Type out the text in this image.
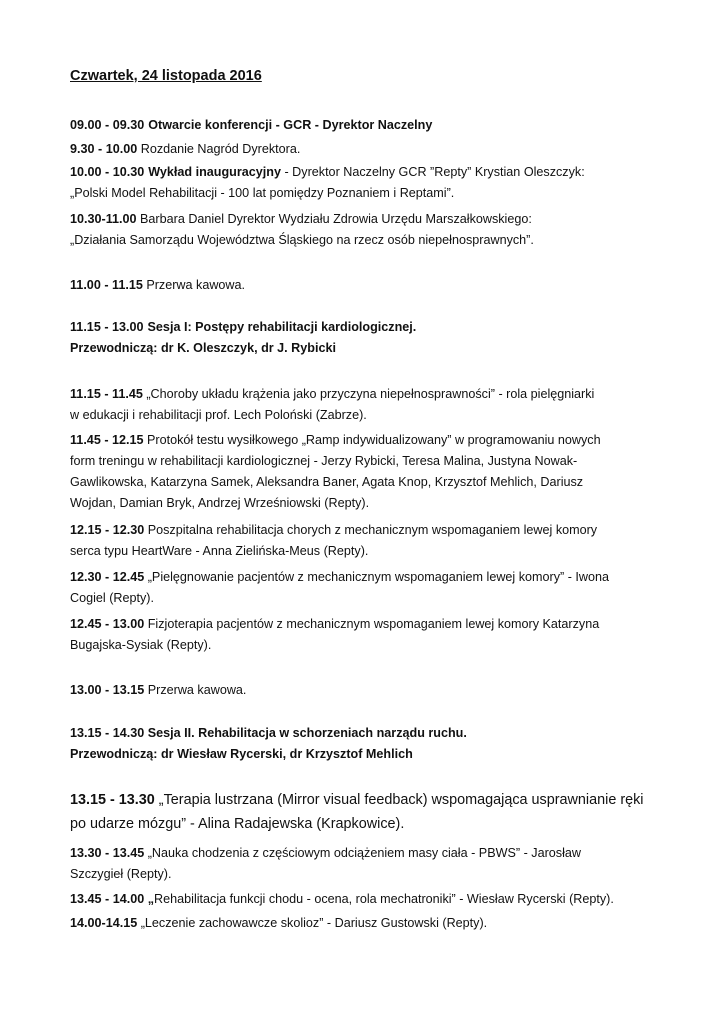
Czwartek, 24 listopada 2016
09.00 - 09.30 Otwarcie konferencji - GCR - Dyrektor Naczelny
9.30 - 10.00 Rozdanie Nagród Dyrektora.
10.00 - 10.30 Wykład inauguracyjny - Dyrektor Naczelny GCR ”Repty” Krystian Oleszczyk:
„Polski Model Rehabilitacji - 100 lat pomiędzy Poznaniem i Reptami”.
10.30-11.00 Barbara Daniel Dyrektor Wydziału Zdrowia Urzędu Marszałkowskiego:
„Działania Samorządu Województwa Śląskiego na rzecz osób niepełnosprawnych”.
11.00 - 11.15 Przerwa kawowa.
11.15 - 13.00 Sesja I: Postępy rehabilitacji kardiologicznej.
Przewodniczą: dr K. Oleszczyk, dr J. Rybicki
11.15 - 11.45 „Choroby układu krążenia jako przyczyna niepełnosprawności” - rola pielęgniarki
w edukacji i rehabilitacji prof. Lech Poloński (Zabrze).
11.45 - 12.15 Protokół testu wysiłkowego „Ramp indywidualizowany” w programowaniu nowych
form treningu w rehabilitacji kardiologicznej - Jerzy Rybicki, Teresa Malina, Justyna Nowak-
Gawlikowska, Katarzyna Samek, Aleksandra Baner, Agata Knop, Krzysztof Mehlich, Dariusz
Wojdan, Damian Bryk, Andrzej Wrześniowski (Repty).
12.15 - 12.30 Poszpitalna rehabilitacja chorych z mechanicznym wspomaganiem lewej komory
serca typu HeartWare - Anna Zielińska-Meus (Repty).
12.30 - 12.45 „Pielęgnowanie pacjentów z mechanicznym wspomaganiem lewej komory” - Iwona
Cogiel (Repty).
12.45 - 13.00 Fizjoterapia pacjentów z mechanicznym wspomaganiem lewej komory Katarzyna
Bugajska-Sysiak (Repty).
13.00 - 13.15 Przerwa kawowa.
13.15 - 14.30 Sesja II. Rehabilitacja w schorzeniach narządu ruchu.
Przewodniczą: dr Wiesław Rycerski, dr Krzysztof Mehlich
13.15 - 13.30 „Terapia lustrzana (Mirror visual feedback) wspomagająca usprawnianie ręki
po udarze mózgu” - Alina Radajewska (Krapkowice).
13.30 - 13.45 „Nauka chodzenia z częściowym odciążeniem masy ciała - PBWS” - Jarosław
Szczygieł (Repty).
13.45 - 14.00 „Rehabilitacja funkcji chodu - ocena, rola mechatroniki” - Wiesław Rycerski (Repty).
14.00-14.15 „Leczenie zachowawcze skolioz” - Dariusz Gustowski (Repty).
